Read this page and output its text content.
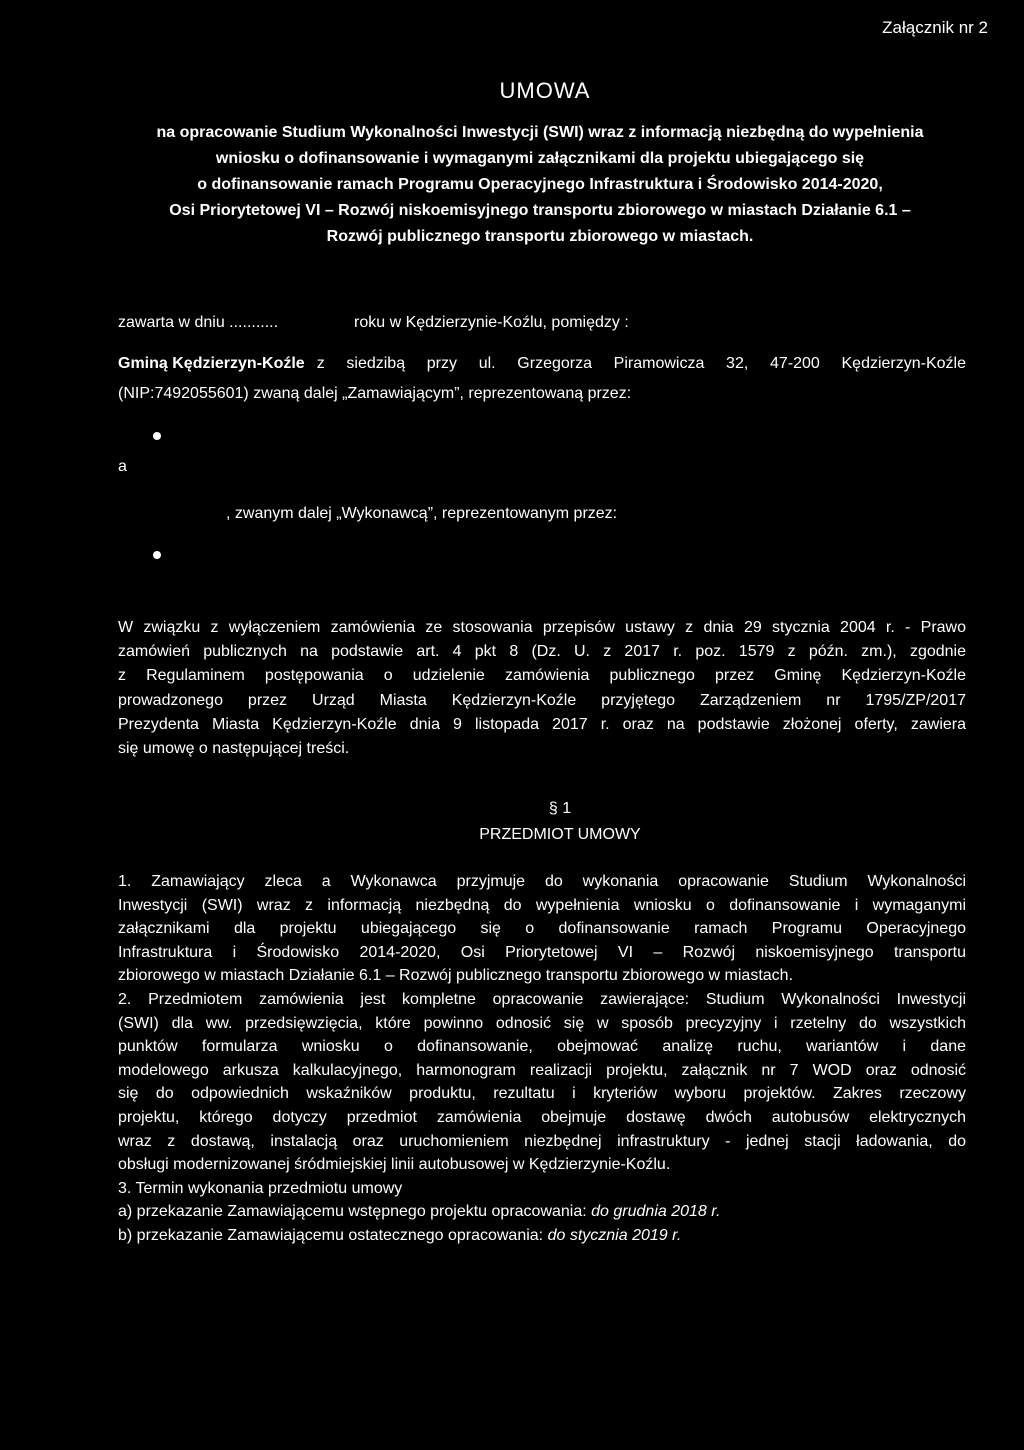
Załącznik nr 2
UMOWA
na opracowanie Studium Wykonalności Inwestycji (SWI) wraz z informacją niezbędną do wypełnienia
wniosku o dofinansowanie i wymaganymi załącznikami dla projektu ubiegającego się
o dofinansowanie ramach Programu Operacyjnego Infrastruktura i Środowisko 2014-2020,
Osi Priorytetowej VI – Rozwój niskoemisyjnego transportu zbiorowego w miastach Działanie 6.1 –
Rozwój publicznego transportu zbiorowego w miastach.
zawarta w dniu ...........	roku w Kędzierzynie-Koźlu, pomiędzy :
Gminą Kędzierzyn-Koźle z siedzibą przy ul. Grzegorza Piramowicza 32, 47-200 Kędzierzyn-Koźle
(NIP:7492055601) zwaną dalej „Zamawiającym”, reprezentowaną przez:
a
, zwanym dalej „Wykonawcą”, reprezentowanym przez:
W związku z wyłączeniem zamówienia ze stosowania przepisów ustawy z dnia 29 stycznia 2004 r. - Prawo
zamówień publicznych na podstawie art. 4 pkt 8 (Dz. U. z 2017 r. poz. 1579 z późn. zm.), zgodnie
z Regulaminem postępowania o udzielenie zamówienia publicznego przez Gminę Kędzierzyn-Koźle
prowadzonego przez Urząd Miasta Kędzierzyn-Koźle przyjętego Zarządzeniem nr 1795/ZP/2017
Prezydenta Miasta Kędzierzyn-Koźle dnia 9 listopada 2017 r. oraz na podstawie złożonej oferty, zawiera
się umowę o następującej treści.
§ 1
PRZEDMIOT UMOWY
1. Zamawiający zleca a Wykonawca przyjmuje do wykonania opracowanie Studium Wykonalności
Inwestycji (SWI) wraz z informacją niezbędną do wypełnienia wniosku o dofinansowanie i wymaganymi
załącznikami dla projektu ubiegającego się o dofinansowanie ramach Programu Operacyjnego
Infrastruktura i Środowisko 2014-2020, Osi Priorytetowej VI – Rozwój niskoemisyjnego transportu
zbiorowego w miastach Działanie 6.1 – Rozwój publicznego transportu zbiorowego w miastach.
2. Przedmiotem zamówienia jest kompletne opracowanie zawierające: Studium Wykonalności Inwestycji
(SWI) dla ww. przedsięwzięcia, które powinno odnosić się w sposób precyzyjny i rzetelny do wszystkich
punktów formularza wniosku o dofinansowanie, obejmować analizę ruchu, wariantów i dane
modelowego arkusza kalkulacyjnego, harmonogram realizacji projektu, załącznik nr 7 WOD oraz odnosić
się do odpowiednich wskaźników produktu, rezultatu i kryteriów wyboru projektów. Zakres rzeczowy
projektu, którego dotyczy przedmiot zamówienia obejmuje dostawę dwóch autobusów elektrycznych
wraz z dostawą, instalacją oraz uruchomieniem niezbędnej infrastruktury - jednej stacji ładowania, do
obsługi modernizowanej śródmiejskiej linii autobusowej w Kędzierzynie-Koźlu.
3. Termin wykonania przedmiotu umowy
a) przekazanie Zamawiającemu wstępnego projektu opracowania: do grudnia 2018 r.
b) przekazanie Zamawiającemu ostatecznego opracowania: do stycznia 2019 r.
